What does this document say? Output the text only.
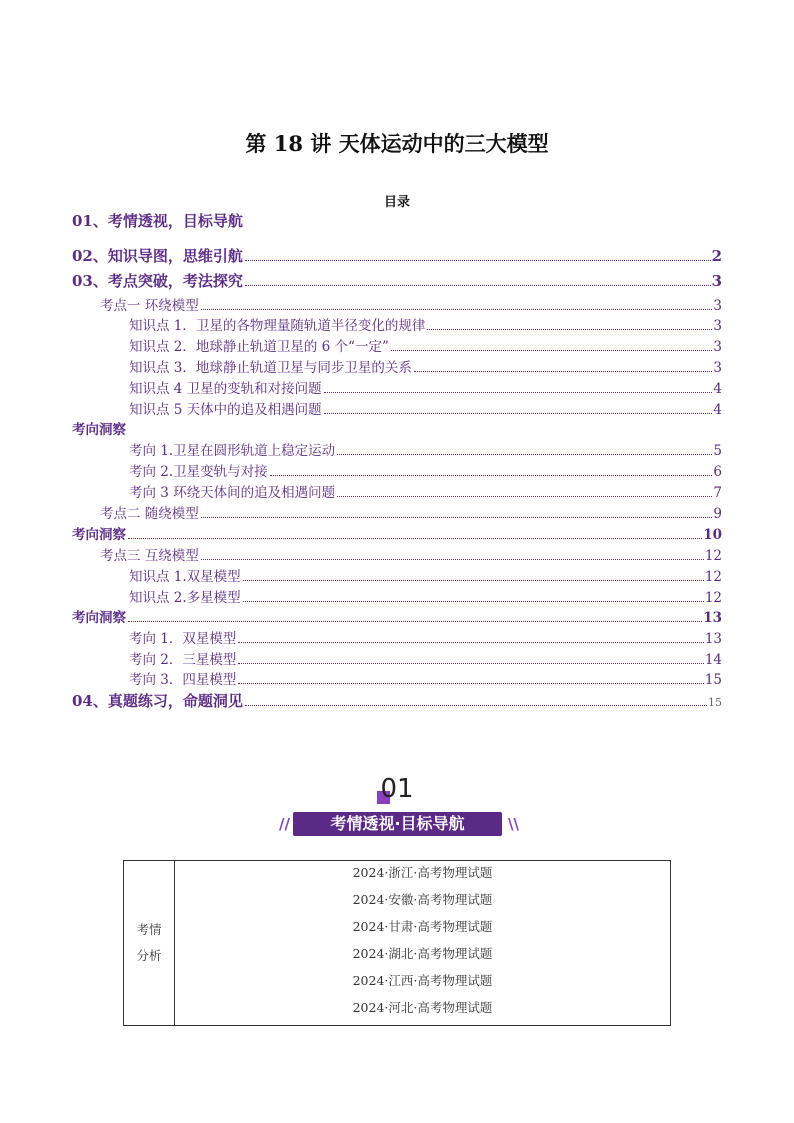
第 18 讲 天体运动中的三大模型
目录
01、考情透视，目标导航
02、知识导图，思维引航	2
03、考点突破，考法探究	3
考点一 环绕模型	3
知识点 1．卫星的各物理量随轨道半径变化的规律	3
知识点 2．地球静止轨道卫星的 6 个“一定”	3
知识点 3．地球静止轨道卫星与同步卫星的关系	3
知识点 4 卫星的变轨和对接问题	4
知识点 5 天体中的追及相遇问题	4
考向洞察
考向 1.卫星在圆形轨道上稳定运动	5
考向 2.卫星变轨与对接	6
考向 3 环绕天体间的追及相遇问题	7
考点二 随绕模型	9
考向洞察	10
考点三 互绕模型	12
知识点 1.双星模型	12
知识点 2.多星模型	12
考向洞察	13
考向 1．双星模型	13
考向 2．三星模型	14
考向 3．四星模型	15
04、真题练习，命题洞见	15
01
//	考情透视·目标导航	\\
考情
分析	
2024·浙江·高考物理试题
2024·安徽·高考物理试题
2024·甘肃·高考物理试题
2024·湖北·高考物理试题
2024·江西·高考物理试题
2024·河北·高考物理试题
